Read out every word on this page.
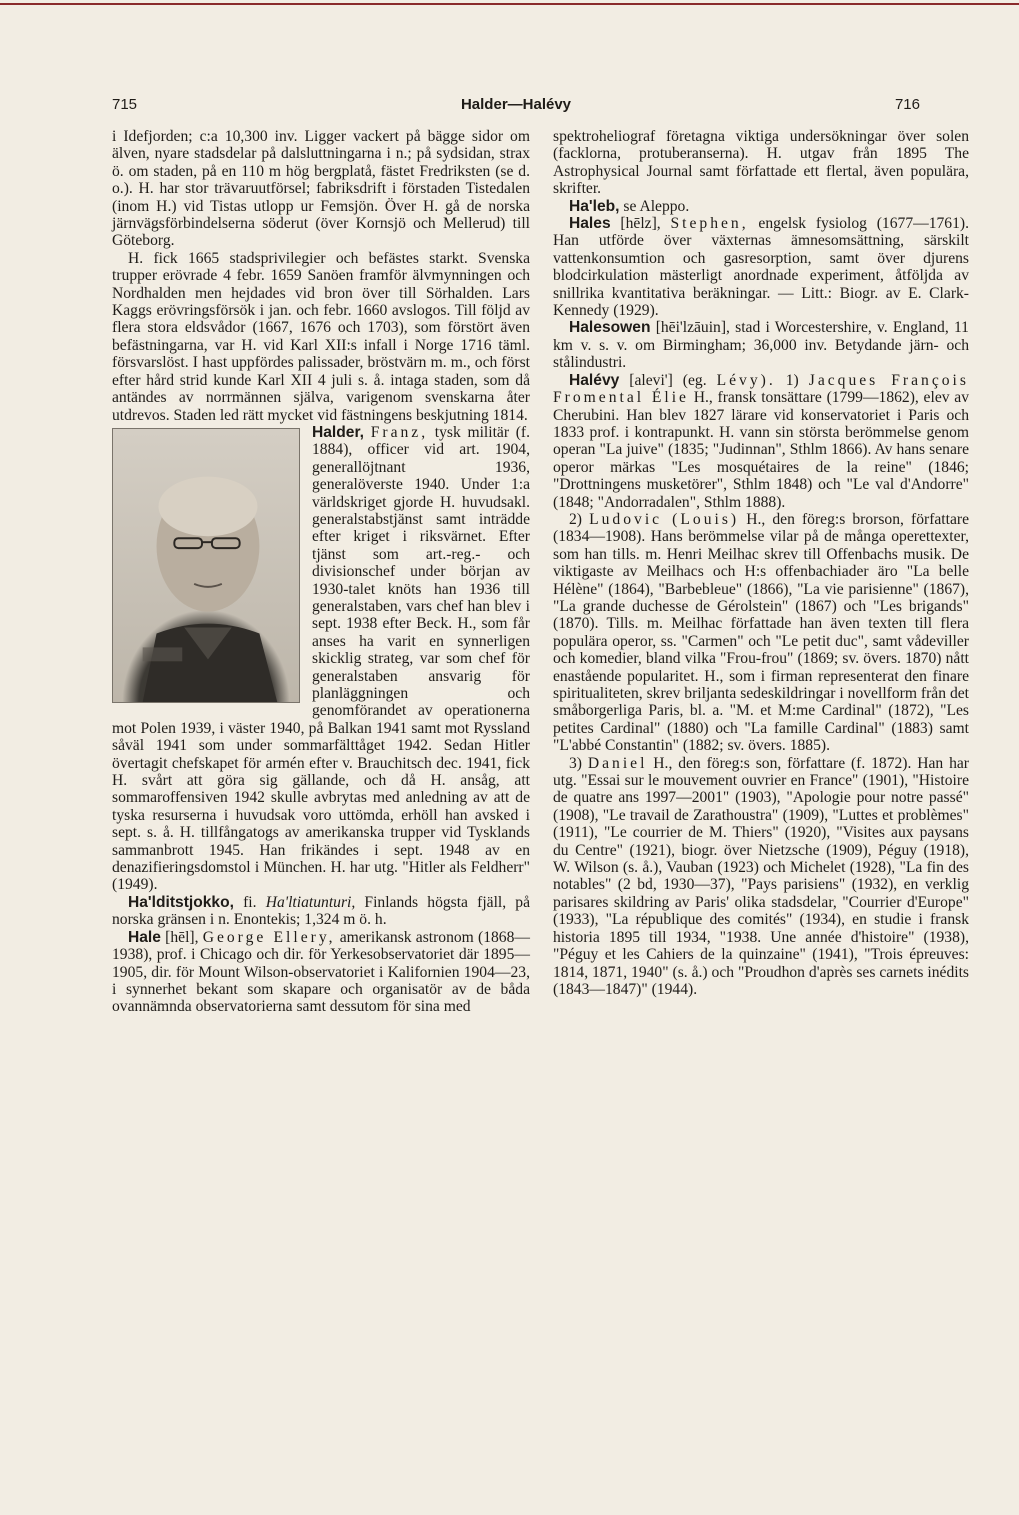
715	Halder—Halévy	716

i Idefjorden; c:a 10,300 inv. Ligger vackert på bägge sidor om älven, nyare stadsdelar på dalsluttningarna i n.; på sydsidan, strax ö. om staden, på en 110 m hög bergplatå, fästet Fredriksten (se d. o.). H. har stor trävaruutförsel; fabriksdrift i förstaden Tistedalen (inom H.) vid Tistas utlopp ur Femsjön. Över H. gå de norska järnvägsförbindelserna söderut (över Kornsjö och Mellerud) till Göteborg.

H. fick 1665 stadsprivilegier och befästes starkt. Svenska trupper erövrade 4 febr. 1659 Sanöen framför älvmynningen och Nordhalden men hejdades vid bron över till Sörhalden. Lars Kaggs erövringsförsök i jan. och febr. 1660 avslogos. Till följd av flera stora eldsvådor (1667, 1676 och 1703), som förstört även befästningarna, var H. vid Karl XII:s infall i Norge 1716 täml. försvarslöst. I hast uppfördes palissader, bröstvärn m. m., och först efter hård strid kunde Karl XII 4 juli s. å. intaga staden, som då antändes av norrmännen själva, varigenom svenskarna åter utdrevos. Staden led rätt mycket vid fästningens beskjutning 1814.

Halder, Franz, tysk militär (f. 1884), officer vid art. 1904, generallöjtnant 1936, generalöverste 1940. Under 1:a världskriget gjorde H. huvudsakl. generalstabstjänst samt inträdde efter kriget i riksvärnet. Efter tjänst som art.-reg.- och divisionschef under början av 1930-talet knöts han 1936 till generalstaben, vars chef han blev i sept. 1938 efter Beck. H., som får anses ha varit en synnerligen skicklig strateg, var som chef för generalstaben ansvarig för planläggningen och genomförandet av operationerna mot Polen 1939, i väster 1940, på Balkan 1941 samt mot Ryssland såväl 1941 som under sommarfälttåget 1942. Sedan Hitler övertagit chefskapet för armén efter v. Brauchitsch dec. 1941, fick H. svårt att göra sig gällande, och då H. ansåg, att sommaroffensiven 1942 skulle avbrytas med anledning av att de tyska resurserna i huvudsak voro uttömda, erhöll han avsked i sept. s. å. H. tillfångatogs av amerikanska trupper vid Tysklands sammanbrott 1945. Han frikändes i sept. 1948 av en denazifieringsdomstol i München. H. har utg. "Hitler als Feldherr" (1949).

Ha'lditstjokko, fi. Ha'ltiatunturi, Finlands högsta fjäll, på norska gränsen i n. Enontekis; 1,324 m ö. h.

Hale [hēl], George Ellery, amerikansk astronom (1868—1938), prof. i Chicago och dir. för Yerkesobservatoriet där 1895—1905, dir. för Mount Wilson-observatoriet i Kalifornien 1904—23, i synnerhet bekant som skapare och organisatör av de båda ovannämnda observatorierna samt dessutom för sina med

spektroheliograf företagna viktiga undersökningar över solen (facklorna, protuberanserna). H. utgav från 1895 The Astrophysical Journal samt författade ett flertal, även populära, skrifter.

Ha'leb, se Aleppo.

Hales [hēlz], Stephen, engelsk fysiolog (1677—1761). Han utförde över växternas ämnesomsättning, särskilt vattenkonsumtion och gasresorption, samt över djurens blodcirkulation mästerligt anordnade experiment, åtföljda av snillrika kvantitativa beräkningar. — Litt.: Biogr. av E. Clark-Kennedy (1929).

Halesowen [hēi'lzāuin], stad i Worcestershire, v. England, 11 km v. s. v. om Birmingham; 36,000 inv. Betydande järn- och stålindustri.

Halévy [alevi'] (eg. Lévy). 1) Jacques François Fromental Élie H., fransk tonsättare (1799—1862), elev av Cherubini. Han blev 1827 lärare vid konservatoriet i Paris och 1833 prof. i kontrapunkt. H. vann sin största berömmelse genom operan "La juive" (1835; "Judinnan", Sthlm 1866). Av hans senare operor märkas "Les mosquétaires de la reine" (1846; "Drottningens musketörer", Sthlm 1848) och "Le val d'Andorre" (1848; "Andorradalen", Sthlm 1888).

2) Ludovic (Louis) H., den föreg:s brorson, författare (1834—1908). Hans berömmelse vilar på de många operettexter, som han tills. m. Henri Meilhac skrev till Offenbachs musik. De viktigaste av Meilhacs och H:s offenbachiader äro "La belle Hélène" (1864), "Barbebleue" (1866), "La vie parisienne" (1867), "La grande duchesse de Gérolstein" (1867) och "Les brigands" (1870). Tills. m. Meilhac författade han även texten till flera populära operor, ss. "Carmen" och "Le petit duc", samt vådeviller och komedier, bland vilka "Frou-frou" (1869; sv. övers. 1870) nått enastående popularitet. H., som i firman representerat den finare spiritualiteten, skrev briljanta sedeskildringar i novellform från det småborgerliga Paris, bl. a. "M. et M:me Cardinal" (1872), "Les petites Cardinal" (1880) och "La famille Cardinal" (1883) samt "L'abbé Constantin" (1882; sv. övers. 1885).

3) Daniel H., den föreg:s son, författare (f. 1872). Han har utg. "Essai sur le mouvement ouvrier en France" (1901), "Histoire de quatre ans 1997—2001" (1903), "Apologie pour notre passé" (1908), "Le travail de Zarathoustra" (1909), "Luttes et problèmes" (1911), "Le courrier de M. Thiers" (1920), "Visites aux paysans du Centre" (1921), biogr. över Nietzsche (1909), Péguy (1918), W. Wilson (s. å.), Vauban (1923) och Michelet (1928), "La fin des notables" (2 bd, 1930—37), "Pays parisiens" (1932), en verklig parisares skildring av Paris' olika stadsdelar, "Courrier d'Europe" (1933), "La république des comités" (1934), en studie i fransk historia 1895 till 1934, "1938. Une année d'histoire" (1938), "Péguy et les Cahiers de la quinzaine" (1941), "Trois épreuves: 1814, 1871, 1940" (s. å.) och "Proudhon d'après ses carnets inédits (1843—1847)" (1944).
